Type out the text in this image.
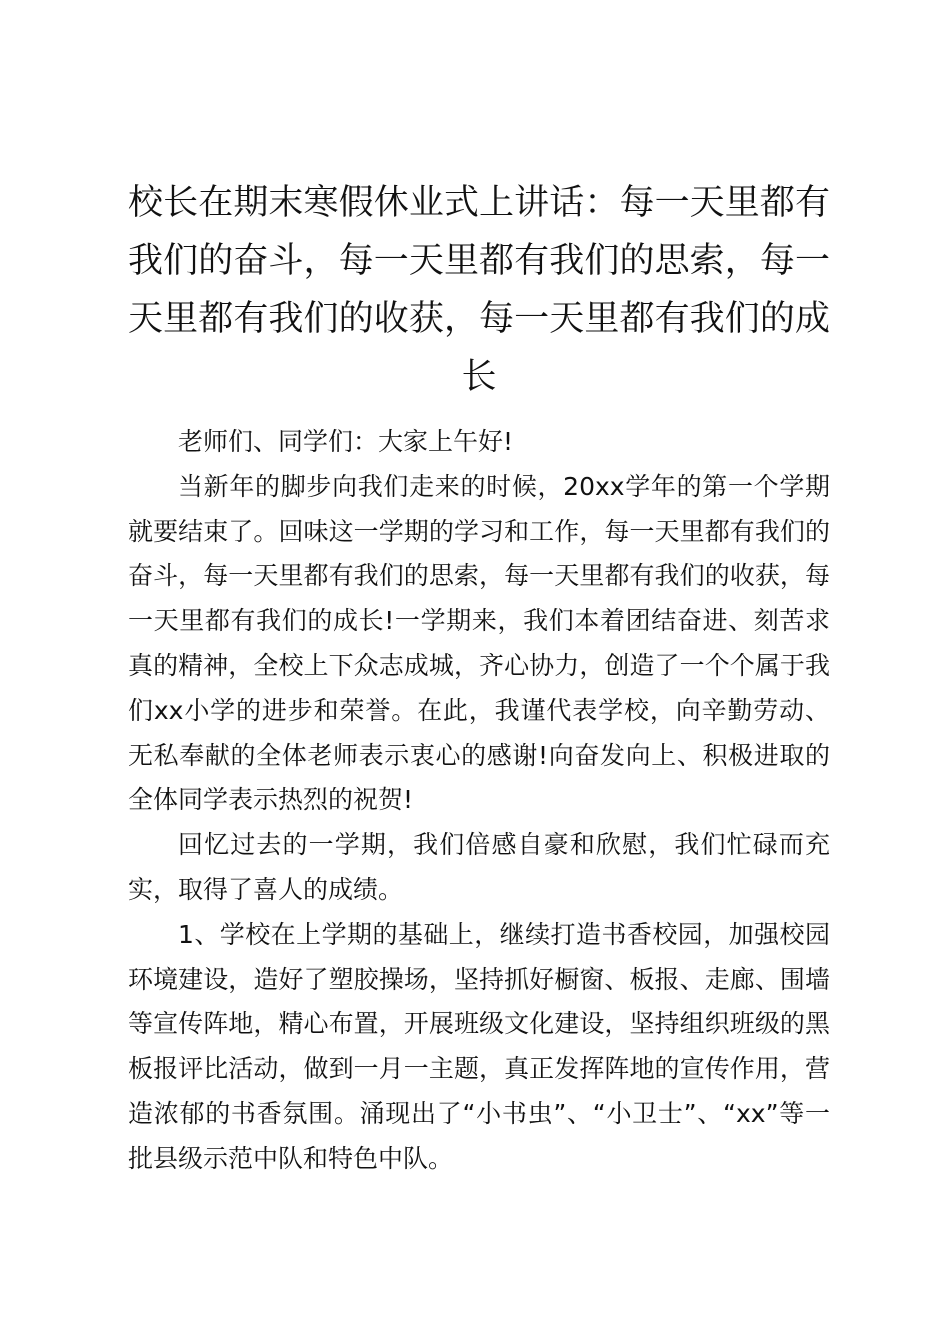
校长在期末寒假休业式上讲话：每一天里都有我们的奋斗，每一天里都有我们的思索，每一天里都有我们的收获，每一天里都有我们的成长

老师们、同学们：大家上午好!

当新年的脚步向我们走来的时候，20xx学年的第一个学期就要结束了。回味这一学期的学习和工作，每一天里都有我们的奋斗，每一天里都有我们的思索，每一天里都有我们的收获，每一天里都有我们的成长!一学期来，我们本着团结奋进、刻苦求真的精神，全校上下众志成城，齐心协力，创造了一个个属于我们xx小学的进步和荣誉。在此，我谨代表学校，向辛勤劳动、无私奉献的全体老师表示衷心的感谢!向奋发向上、积极进取的全体同学表示热烈的祝贺!

回忆过去的一学期，我们倍感自豪和欣慰，我们忙碌而充实，取得了喜人的成绩。

1、学校在上学期的基础上，继续打造书香校园，加强校园环境建设，造好了塑胶操场，坚持抓好橱窗、板报、走廊、围墙等宣传阵地，精心布置，开展班级文化建设，坚持组织班级的黑板报评比活动，做到一月一主题，真正发挥阵地的宣传作用，营造浓郁的书香氛围。涌现出了“小书虫”、“小卫士”、“xx”等一批县级示范中队和特色中队。
